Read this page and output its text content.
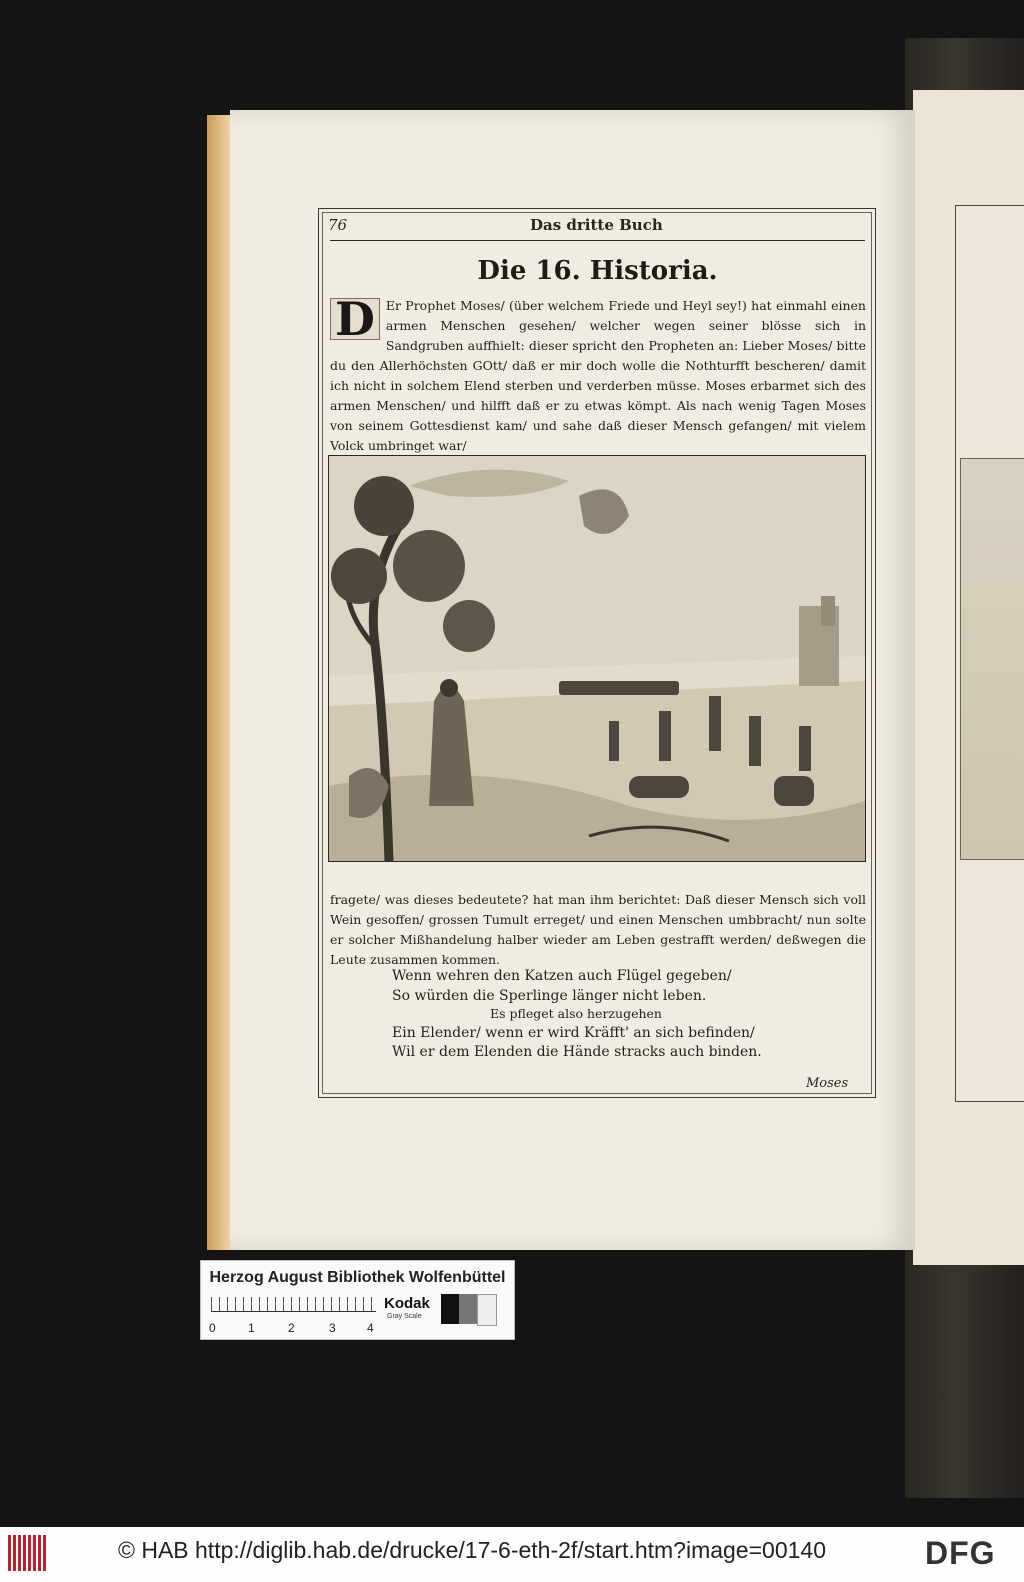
76	Das dritte Buch
Die 16. Historia.
D Er Prophet Moses/ (über welchem Friede und Heyl sey!) hat einmahl einen armen Menschen gesehen/ welcher wegen seiner blösse sich in Sandgruben auffhielt: dieser spricht den Propheten an: Lieber Moses/ bitte du den Allerhöchsten GOtt/ daß er mir doch wolle die Nothturfft bescheren/ damit ich nicht in solchem Elend sterben und verderben müsse. Moses erbarmet sich des armen Menschen/ und hilfft daß er zu etwas kömpt. Als nach wenig Tagen Moses von seinem Gottesdienst kam/ und sahe daß dieser Mensch gefangen/ mit vielem Volck umbringet war/
fragete/ was dieses bedeutete? hat man ihm berichtet: Daß dieser Mensch sich voll Wein gesoffen/ grossen Tumult erreget/ und einen Menschen umbbracht/ nun solte er solcher Mißhandelung halber wieder am Leben gestrafft werden/ deßwegen die Leute zusammen kommen.
Wenn wehren den Katzen auch Flügel gegeben/
So würden die Sperlinge länger nicht leben.
Es pfleget also herzugehen
Ein Elender/ wenn er wird Kräfft' an sich befinden/
Wil er dem Elenden die Hände stracks auch binden.
Moses
Herzog August Bibliothek Wolfenbüttel
0	1	2	3	4
Kodak
Gray Scale
© HAB http://diglib.hab.de/drucke/17-6-eth-2f/start.htm?image=00140	DFG
